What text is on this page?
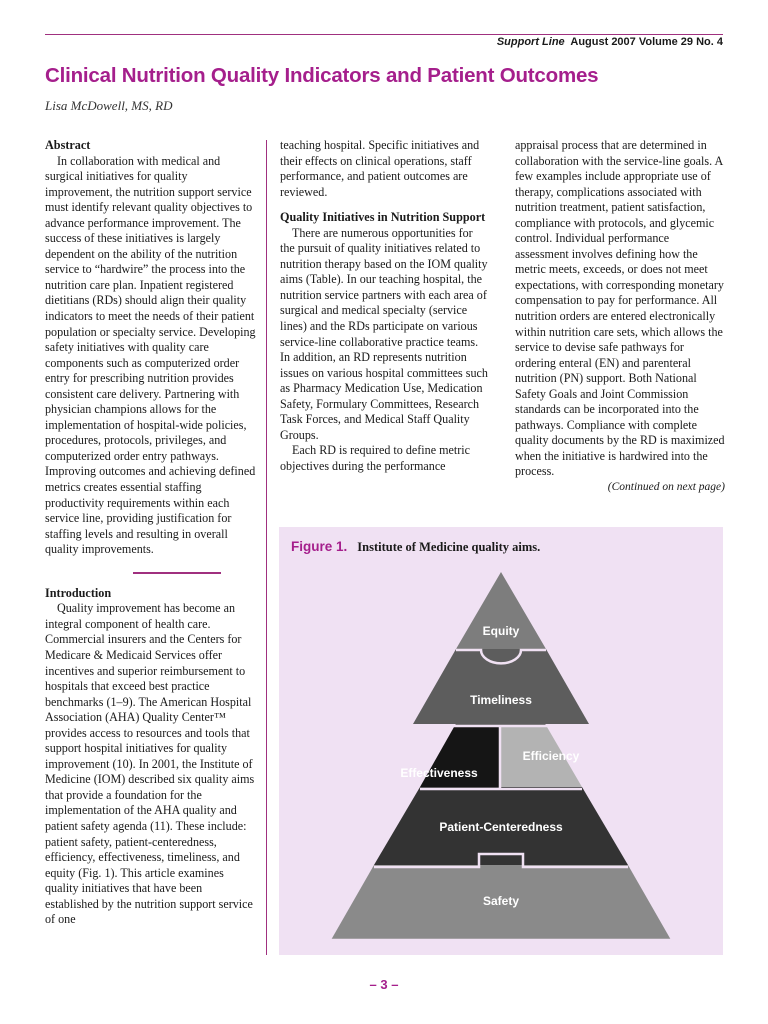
Support Line August 2007 Volume 29 No. 4
Clinical Nutrition Quality Indicators and Patient Outcomes
Lisa McDowell, MS, RD
Abstract

In collaboration with medical and surgical initiatives for quality improvement, the nutrition support service must identify relevant quality objectives to advance performance improvement. The success of these initiatives is largely dependent on the ability of the nutrition service to “hardwire” the process into the nutrition care plan. Inpatient registered dietitians (RDs) should align their quality indicators to meet the needs of their patient population or specialty service. Developing safety initiatives with quality care components such as computerized order entry for prescribing nutrition provides consistent care delivery. Partnering with physician champions allows for the implementation of hospital-wide policies, procedures, protocols, privileges, and computerized order entry pathways. Improving outcomes and achieving defined metrics creates essential staffing productivity requirements within each service line, providing justification for staffing levels and resulting in overall quality improvements.

Introduction

Quality improvement has become an integral component of health care. Commercial insurers and the Centers for Medicare & Medicaid Services offer incentives and superior reimbursement to hospitals that exceed best practice benchmarks (1–9). The American Hospital Association (AHA) Quality Center™ provides access to resources and tools that support hospital initiatives for quality improvement (10). In 2001, the Institute of Medicine (IOM) described six quality aims that provide a foundation for the implementation of the AHA quality and patient safety agenda (11). These include: patient safety, patient-centeredness, efficiency, effectiveness, timeliness, and equity (Fig. 1). This article examines quality initiatives that have been established by the nutrition support service of one

teaching hospital. Specific initiatives and their effects on clinical operations, staff performance, and patient outcomes are reviewed.

Quality Initiatives in Nutrition Support

There are numerous opportunities for the pursuit of quality initiatives related to nutrition therapy based on the IOM quality aims (Table). In our teaching hospital, the nutrition service partners with each area of surgical and medical specialty (service lines) and the RDs participate on various service-line collaborative practice teams. In addition, an RD represents nutrition issues on various hospital committees such as Pharmacy Medication Use, Medication Safety, Formulary Committees, Research Task Forces, and Medical Staff Quality Groups.

Each RD is required to define metric objectives during the performance

appraisal process that are determined in collaboration with the service-line goals. A few examples include appropriate use of therapy, complications associated with nutrition treatment, patient satisfaction, compliance with protocols, and glycemic control. Individual performance assessment involves defining how the metric meets, exceeds, or does not meet expectations, with corresponding monetary compensation to pay for performance. All nutrition orders are entered electronically within nutrition care sets, which allows the service to devise safe pathways for ordering enteral (EN) and parenteral nutrition (PN) support. Both National Safety Goals and Joint Commission standards can be incorporated into the pathways. Compliance with complete quality documents by the RD is maximized when the initiative is hardwired into the process.

(Continued on next page)
Figure 1. Institute of Medicine quality aims.
Equity
Timeliness
Efficiency
Effectiveness
Patient-Centeredness
Safety
– 3 –
